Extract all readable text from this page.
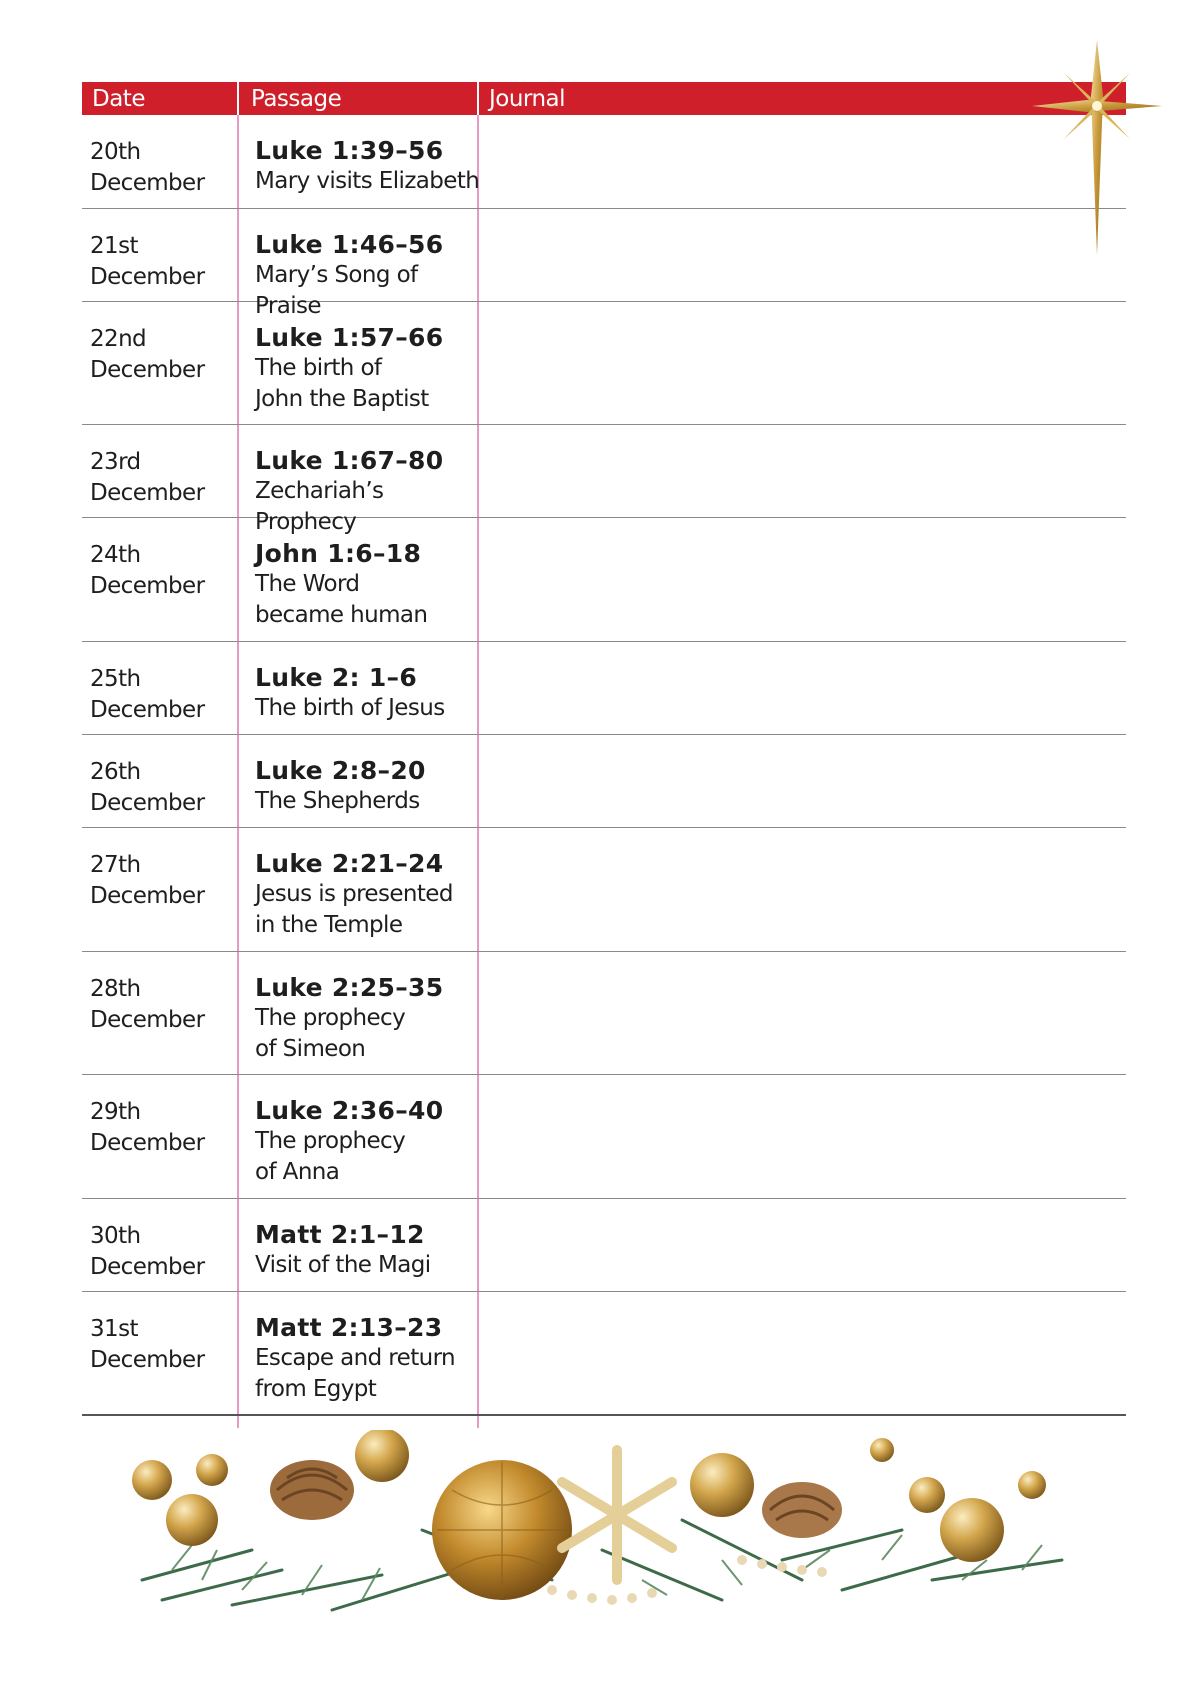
Date	Passage	Journal
20th
December
Luke 1:39–56
Mary visits Elizabeth
21st
December
Luke 1:46–56
Mary’s Song of Praise
22nd
December
Luke 1:57–66
The birth of
John the Baptist
23rd
December
Luke 1:67–80
Zechariah’s Prophecy
24th
December
John 1:6–18
The Word
became human
25th
December
Luke 2: 1–6
The birth of Jesus
26th
December
Luke 2:8–20
The Shepherds
27th
December
Luke 2:21–24
Jesus is presented
in the Temple
28th
December
Luke 2:25–35
The prophecy
of Simeon
29th
December
Luke 2:36–40
The prophecy
of Anna
30th
December
Matt 2:1–12
Visit of the Magi
31st
December
Matt 2:13–23
Escape and return
from Egypt
